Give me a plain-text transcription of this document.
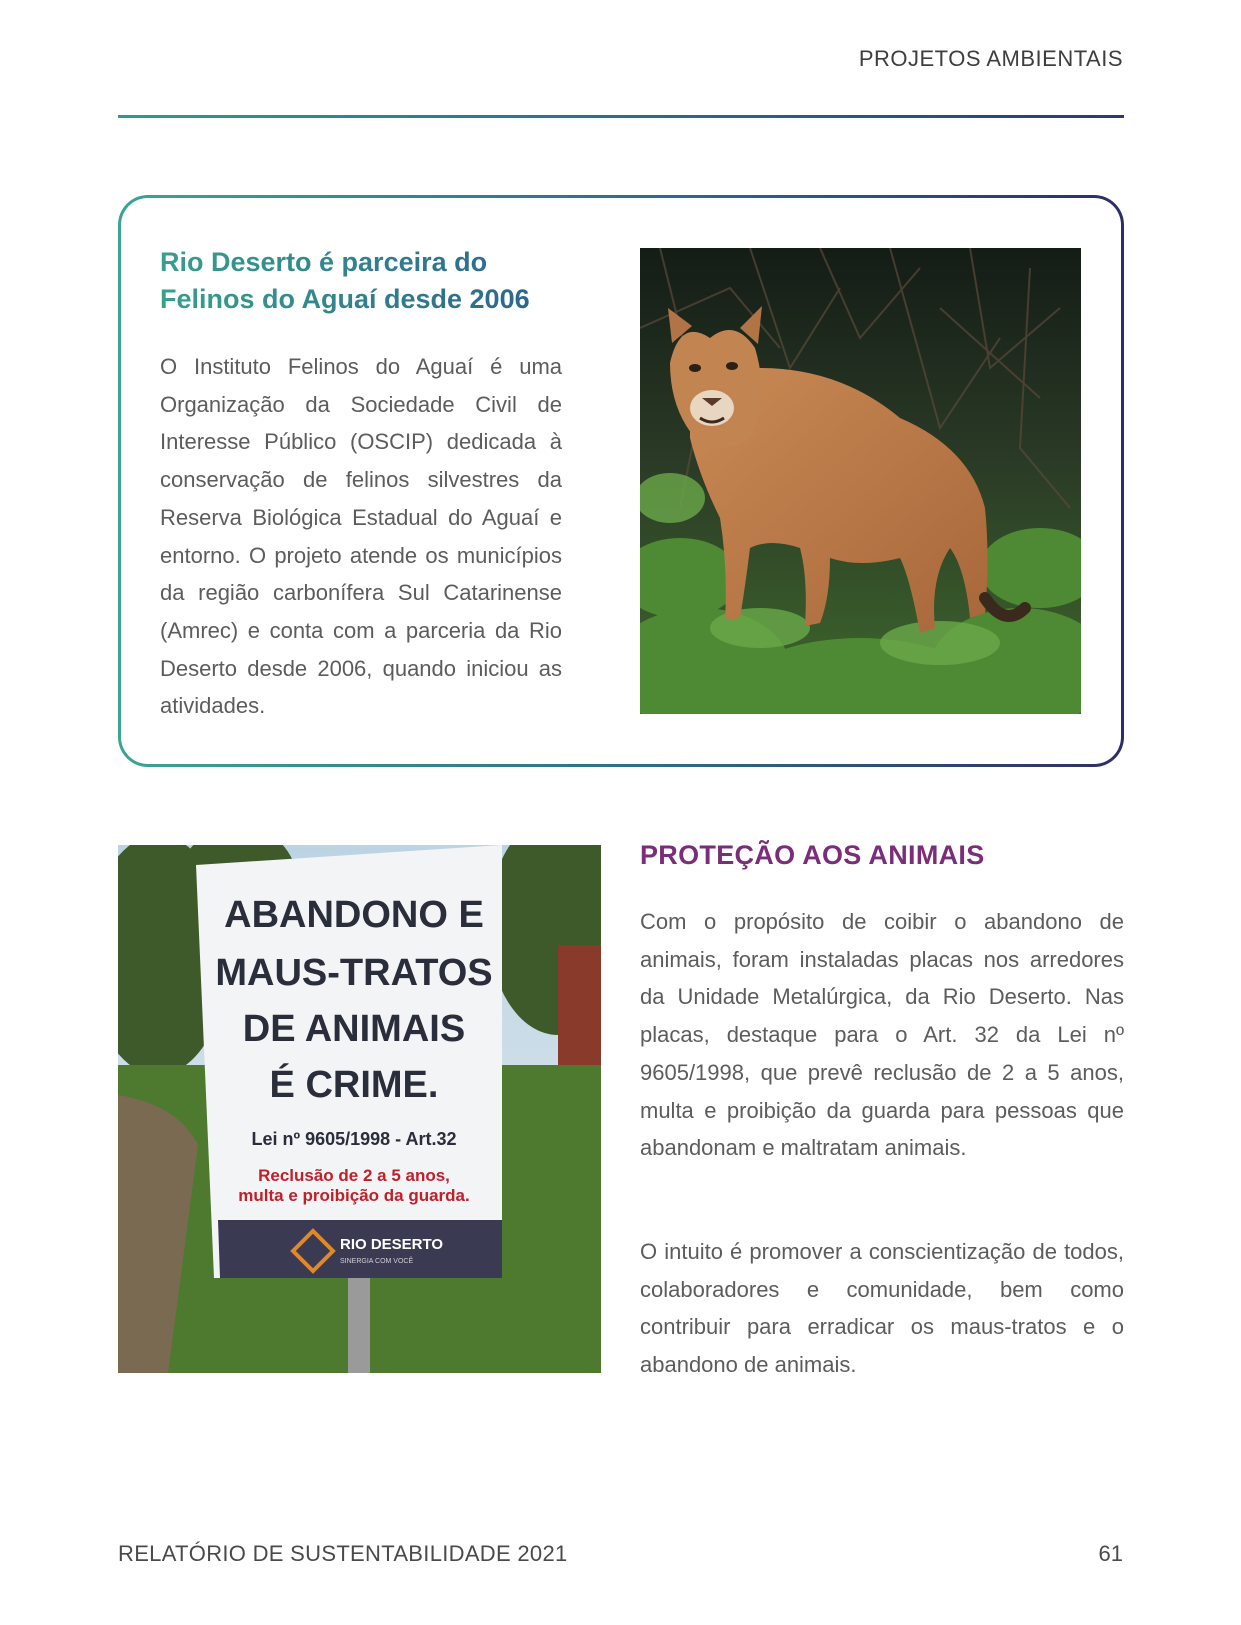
PROJETOS AMBIENTAIS
Rio Deserto é parceira do
Felinos do Aguaí desde 2006

O Instituto Felinos do Aguaí é uma Organização da Sociedade Civil de Interesse Público (OSCIP) dedicada à conservação de felinos silvestres da Reserva Biológica Estadual do Aguaí e entorno. O projeto atende os municípios da região carbonífera Sul Catarinense (Amrec) e conta com a parceria da Rio Deserto desde 2006, quando iniciou as atividades.

ABANDONO E
MAUS-TRATOS
DE ANIMAIS
É CRIME.
Lei nº 9605/1998 - Art.32
Reclusão de 2 a 5 anos,
multa e proibição da guarda.
RIO DESERTO
SINERGIA COM VOCÊ
PROTEÇÃO AOS ANIMAIS

Com o propósito de coibir o abandono de animais, foram instaladas placas nos arredores da Unidade Metalúrgica, da Rio Deserto. Nas placas, destaque para o Art. 32 da Lei nº 9605/1998, que prevê reclusão de 2 a 5 anos, multa e proibição da guarda para pessoas que abandonam e maltratam animais.

O intuito é promover a conscientização de todos, colaboradores e comunidade, bem como contribuir para erradicar os maus-tratos e o abandono de animais.

RELATÓRIO DE SUSTENTABILIDADE 2021	61
